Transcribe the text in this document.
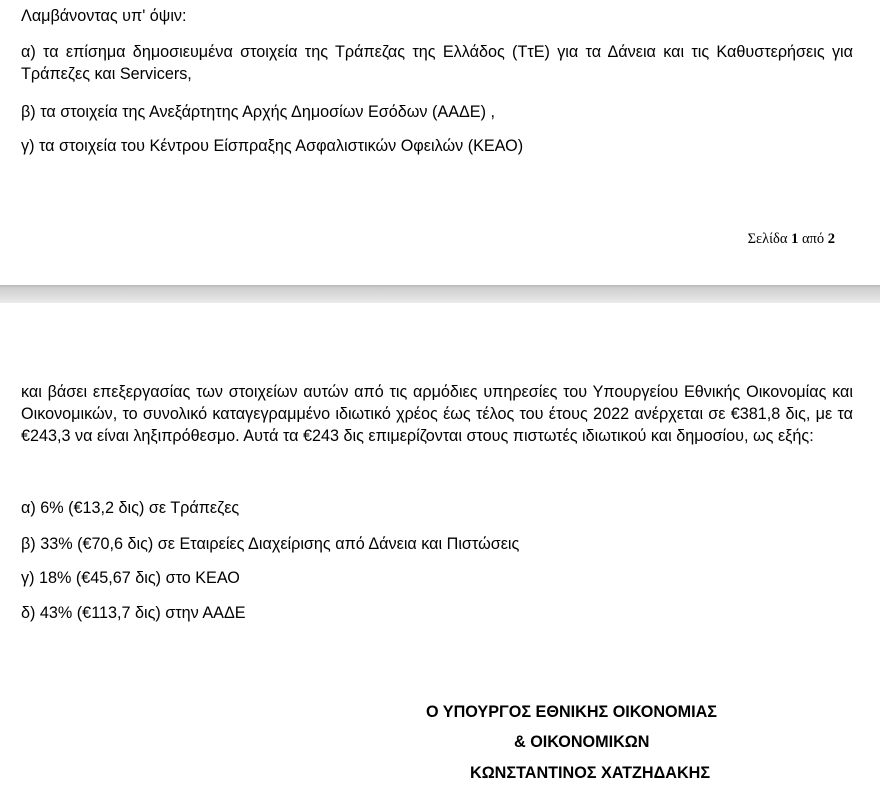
Λαμβάνοντας υπ' όψιν:
α) τα επίσημα δημοσιευμένα στοιχεία της Τράπεζας της Ελλάδος (ΤτΕ) για τα Δάνεια και τις Καθυστερήσεις για Τράπεζες και Servicers,
β) τα στοιχεία της Ανεξάρτητης Αρχής Δημοσίων Εσόδων (ΑΑΔΕ) ,
γ) τα στοιχεία του Κέντρου Είσπραξης Ασφαλιστικών Οφειλών (ΚΕΑΟ)
Σελίδα 1 από 2
και βάσει επεξεργασίας των στοιχείων αυτών από τις αρμόδιες υπηρεσίες του Υπουργείου Εθνικής Οικονομίας και Οικονομικών, το συνολικό καταγεγραμμένο ιδιωτικό χρέος έως τέλος του έτους 2022 ανέρχεται σε €381,8 δις, με τα €243,3 να είναι ληξιπρόθεσμο. Αυτά τα €243 δις επιμερίζονται στους πιστωτές ιδιωτικού και δημοσίου, ως εξής:
α) 6% (€13,2 δις) σε Τράπεζες
β) 33% (€70,6 δις) σε Εταιρείες Διαχείρισης από Δάνεια και Πιστώσεις
γ) 18% (€45,67 δις) στο ΚΕΑΟ
δ) 43% (€113,7 δις) στην ΑΑΔΕ
Ο ΥΠΟΥΡΓΟΣ ΕΘΝΙΚΗΣ ΟΙΚΟΝΟΜΙΑΣ
& ΟΙΚΟΝΟΜΙΚΩΝ
ΚΩΝΣΤΑΝΤΙΝΟΣ ΧΑΤΖΗΔΑΚΗΣ
